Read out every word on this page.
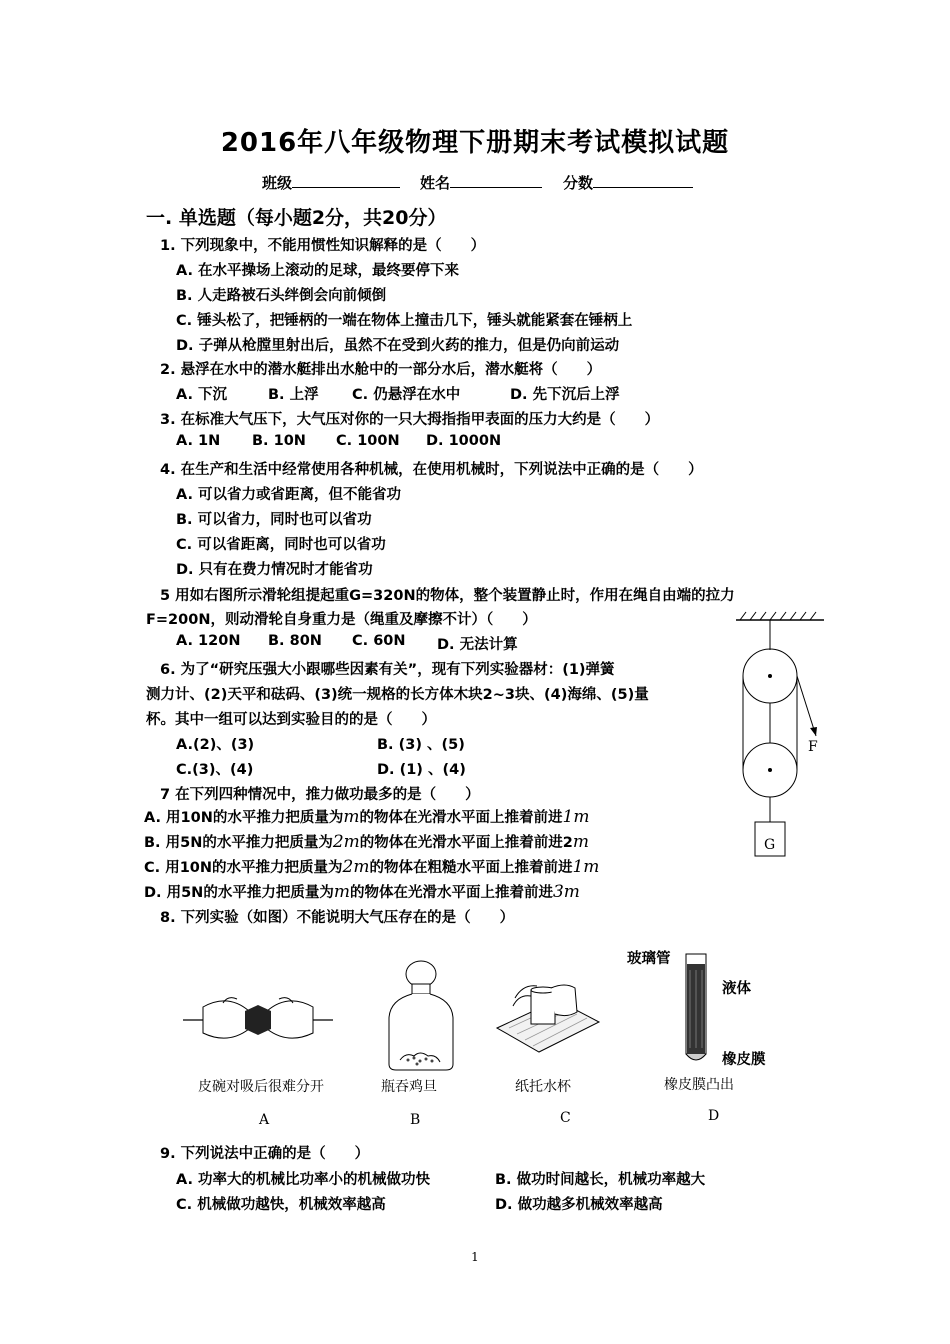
2016年八年级物理下册期末考试模拟试题
班级	姓名	分数
一. 单选题（每小题2分，共20分）
1. 下列现象中，不能用惯性知识解释的是（　　）
A. 在水平操场上滚动的足球，最终要停下来
B. 人走路被石头绊倒会向前倾倒
C. 锤头松了，把锤柄的一端在物体上撞击几下，锤头就能紧套在锤柄上
D. 子弹从枪膛里射出后，虽然不在受到火药的推力，但是仍向前运动
2. 悬浮在水中的潜水艇排出水舱中的一部分水后，潜水艇将（　　）
A. 下沉	B. 上浮 C. 仍悬浮在水中	D. 先下沉后上浮
3. 在标准大气压下，大气压对你的一只大拇指指甲表面的压力大约是（　　）
A. 1N B. 10N C. 100N D. 1000N
4. 在生产和生活中经常使用各种机械，在使用机械时，下列说法中正确的是（　　）
A. 可以省力或省距离，但不能省功
B. 可以省力，同时也可以省功
C. 可以省距离，同时也可以省功
D. 只有在费力情况时才能省功
5 用如右图所示滑轮组提起重G=320N的物体，整个装置静止时，作用在绳自由端的拉力
F=200N，则动滑轮自身重力是（绳重及摩擦不计）（　　）
A. 120N B. 80N C. 60N D. 无法计算
6. 为了“研究压强大小跟哪些因素有关”，现有下列实验器材：(1)弹簧
测力计、(2)天平和砝码、(3)统一规格的长方体木块2~3块、(4)海绵、(5)量
杯。其中一组可以达到实验目的的是（　　）
A.(2)、(3)	B. (3) 、(5)
C.(3)、(4)	D. (1) 、(4)
7 在下列四种情况中，推力做功最多的是（　　）
A. 用10N的水平推力把质量为m的物体在光滑水平面上推着前进1m
B. 用5N的水平推力把质量为2m的物体在光滑水平面上推着前进2m
C. 用10N的水平推力把质量为2m的物体在粗糙水平面上推着前进1m
D. 用5N的水平推力把质量为m的物体在光滑水平面上推着前进3m
F
G
8. 下列实验（如图）不能说明大气压存在的是（　　）
玻璃管
液体
橡皮膜
皮碗对吸后很难分开	瓶吞鸡旦	纸托水杯	橡皮膜凸出
A	B	C	D
9. 下列说法中正确的是（　　）
A. 功率大的机械比功率小的机械做功快	B. 做功时间越长，机械功率越大
C. 机械做功越快，机械效率越高	D. 做功越多机械效率越高
1
